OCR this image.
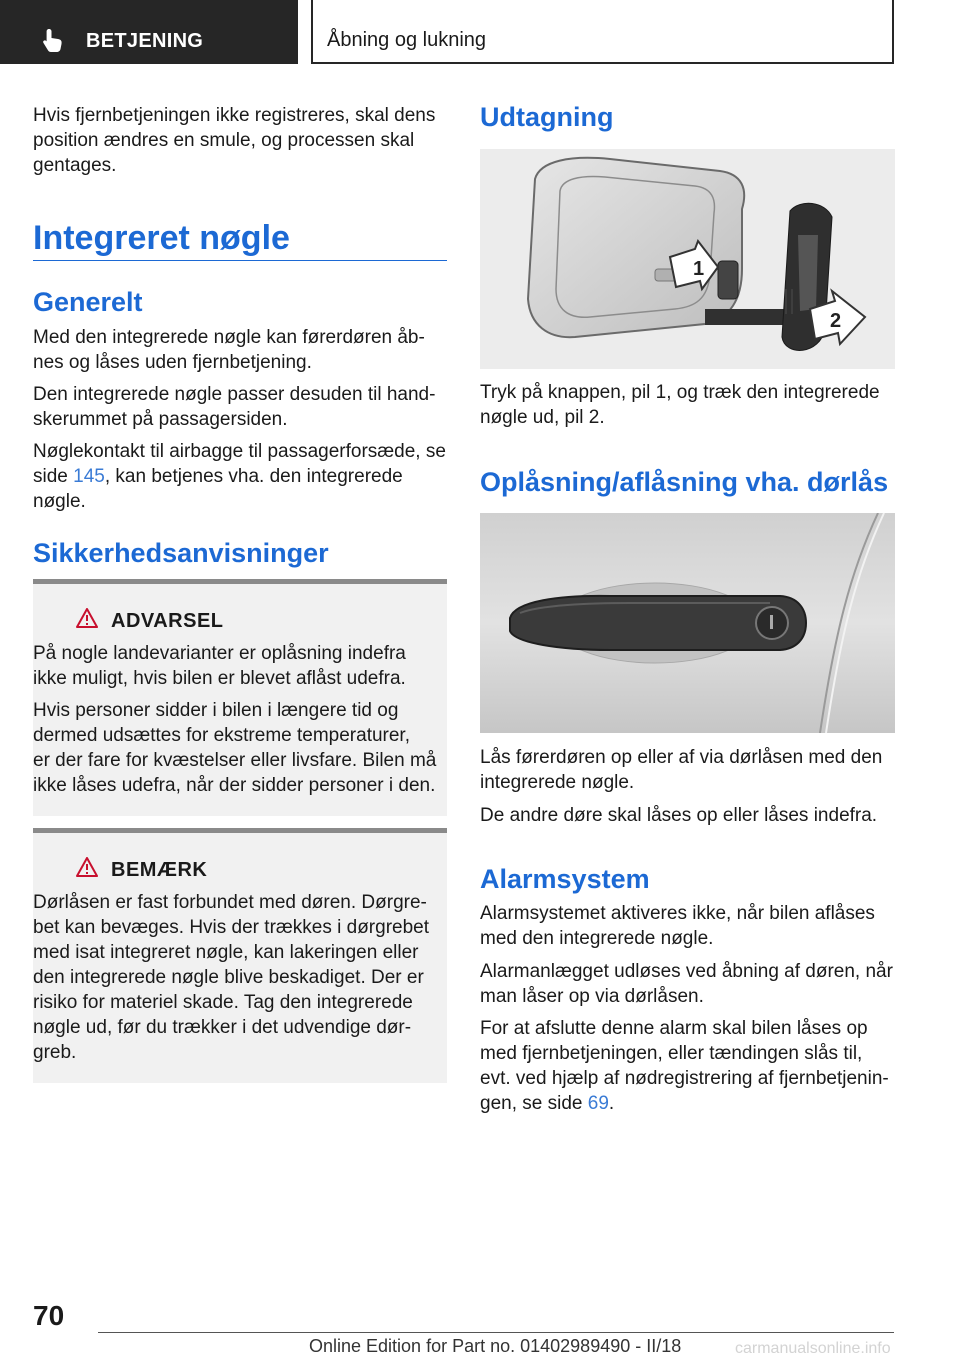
BETJENING	Åbning og lukning

Hvis fjernbetjeningen ikke registreres, skal dens
position ændres en smule, og processen skal
gentages.

Integreret nøgle
Generelt

Med den integrerede nøgle kan førerdøren åb-
nes og låses uden fjernbetjening.

Den integrerede nøgle passer desuden til hand-
skerummet på passagersiden.

Nøglekontakt til airbagge til passagerforsæde, se
side 145, kan betjenes vha. den integrerede
nøgle.

Sikkerhedsanvisninger
ADVARSEL

På nogle landevarianter er oplåsning indefra
ikke muligt, hvis bilen er blevet aflåst udefra.

Hvis personer sidder i bilen i længere tid og
dermed udsættes for ekstreme temperaturer,
er der fare for kvæstelser eller livsfare. Bilen må
ikke låses udefra, når der sidder personer i den.

BEMÆRK

Dørlåsen er fast forbundet med døren. Dørgre-
bet kan bevæges. Hvis der trækkes i dørgrebet
med isat integreret nøgle, kan lakeringen eller
den integrerede nøgle blive beskadiget. Der er
risiko for materiel skade. Tag den integrerede
nøgle ud, før du trækker i det udvendige dør-
greb.

Udtagning
1
2

Tryk på knappen, pil 1, og træk den integrerede
nøgle ud, pil 2.

Oplåsning/aflåsning vha. dørlås

Lås førerdøren op eller af via dørlåsen med den
integrerede nøgle.

De andre døre skal låses op eller låses indefra.

Alarmsystem

Alarmsystemet aktiveres ikke, når bilen aflåses
med den integrerede nøgle.

Alarmanlægget udløses ved åbning af døren, når
man låser op via dørlåsen.

For at afslutte denne alarm skal bilen låses op
med fjernbetjeningen, eller tændingen slås til,
evt. ved hjælp af nødregistrering af fjernbetjenin-
gen, se side 69.

70
Online Edition for Part no. 01402989490 - II/18	carmanualsonline.info
